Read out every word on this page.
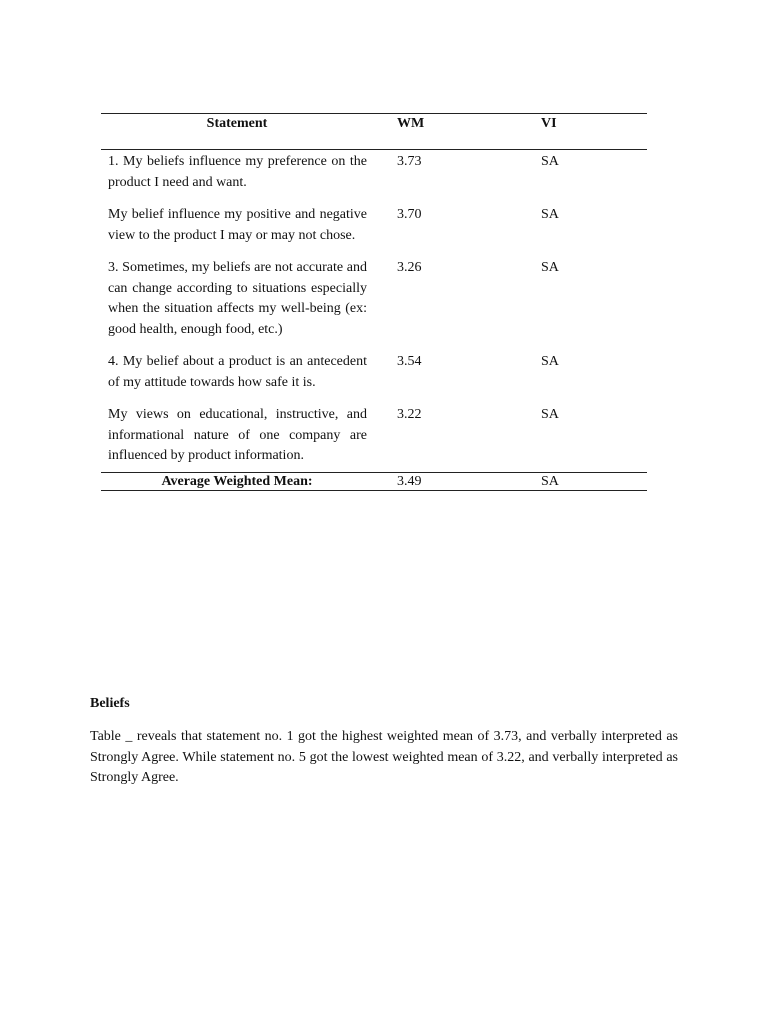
Statement	WM	VI
1. My beliefs influence my preference on the product I need and want.	3.73	SA
My belief influence my positive and negative view to the product I may or may not chose.	3.70	SA
3. Sometimes, my beliefs are not accurate and can change according to situations especially when the situation affects my well-being (ex: good health, enough food, etc.)	3.26	SA
4. My belief about a product is an antecedent of my attitude towards how safe it is.	3.54	SA
My views on educational, instructive, and informational nature of one company are influenced by product information.	3.22	SA
Average Weighted Mean:	3.49	SA
Beliefs

Table _ reveals that statement no. 1 got the highest weighted mean of 3.73, and verbally interpreted as Strongly Agree. While statement no. 5 got the lowest weighted mean of 3.22, and verbally interpreted as Strongly Agree.
